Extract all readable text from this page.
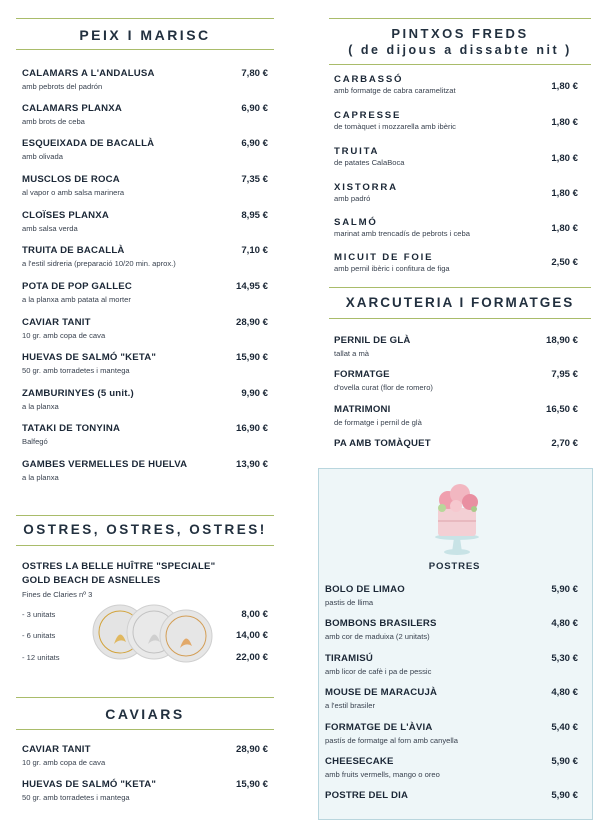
PEIX I MARISC
CALAMARS A L'ANDALUSA
amb pebrots del padrón
7,80 €
CALAMARS PLANXA
amb brots de ceba
6,90 €
ESQUEIXADA DE BACALLÀ
amb olivada
6,90 €
MUSCLOS DE ROCA
al vapor o amb salsa marinera
7,35 €
CLOÏSES PLANXA
amb salsa verda
8,95 €
TRUITA DE BACALLÀ
a l'estil sidreria (preparació 10/20 min. aprox.)
7,10 €
POTA DE POP GALLEC
a la planxa amb patata al morter
14,95 €
CAVIAR TANIT
10 gr. amb copa de cava
28,90 €
HUEVAS DE SALMÓ "KETA"
50 gr. amb torradetes i mantega
15,90 €
ZAMBURINYES (5 unit.)
a la planxa
9,90 €
TATAKI DE TONYINA
Balfegó
16,90 €
GAMBES VERMELLES DE HUELVA
a la planxa
13,90 €
OSTRES, OSTRES, OSTRES!
OSTRES LA BELLE HUÎTRE "SPECIALE"
GOLD BEACH DE ASNELLES
Fines de Claries nº 3
- 3 unitats	8,00 €
- 6 unitats	14,00 €
- 12 unitats	22,00 €
CAVIARS
CAVIAR TANIT
10 gr. amb copa de cava
28,90 €
HUEVAS DE SALMÓ "KETA"
50 gr. amb torradetes i mantega
15,90 €
PINTXOS FREDS
( de dijous a dissabte nit )
CARBASSÓ
amb formatge de cabra caramelitzat	1,80 €
CAPRESSE
de tomàquet i mozzarella amb ibèric	1,80 €
TRUITA
de patates CalaBoca	1,80 €
XISTORRA
amb padró	1,80 €
SALMÓ
marinat amb trencadís de pebrots i ceba	1,80 €
MICUIT DE FOIE
amb pernil ibèric i confitura de figa
2,50 €
XARCUTERIA I FORMATGES
PERNIL DE GLÀ
tallat a mà
18,90 €
FORMATGE
d'ovella curat (flor de romero)
7,95 €
MATRIMONI
de formatge i pernil de glà
16,50 €
PA AMB TOMÀQUET	2,70 €
POSTRES
BOLO DE LIMAO
pastis de llima
5,90 €
BOMBONS BRASILERS
amb cor de maduixa (2 unitats)
4,80 €
TIRAMISÚ
amb licor de cafè i pa de pessic
5,30 €
MOUSE DE MARACUJÀ
a l'estil brasiler
4,80 €
FORMATGE DE L'ÀVIA
pastís de formatge al forn amb canyella
5,40 €
CHEESECAKE
amb fruits vermells, mango o oreo
5,90 €
POSTRE DEL DIA	5,90 €
